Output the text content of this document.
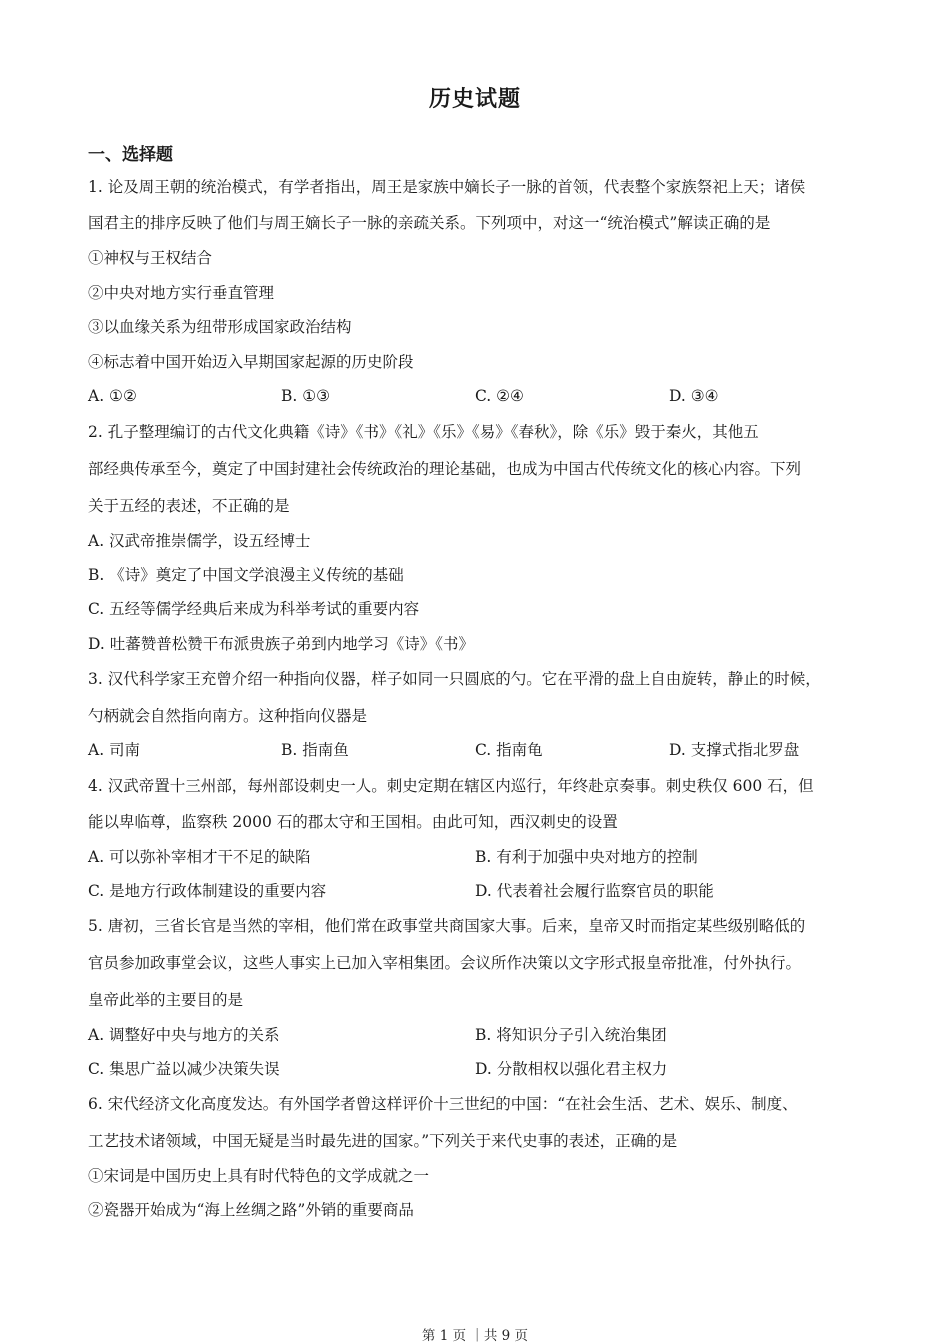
历史试题
一、选择题
1. 论及周王朝的统治模式，有学者指出，周王是家族中嫡长子一脉的首领，代表整个家族祭祀上天；诸侯
国君主的排序反映了他们与周王嫡长子一脉的亲疏关系。下列项中，对这一“统治模式”解读正确的是
①神权与王权结合
②中央对地方实行垂直管理
③以血缘关系为纽带形成国家政治结构
④标志着中国开始迈入早期国家起源的历史阶段
A. ①②	B. ①③	C. ②④	D. ③④
2. 孔子整理编订的古代文化典籍《诗》《书》《礼》《乐》《易》《春秋》，除《乐》毁于秦火，其他五
部经典传承至今，奠定了中国封建社会传统政治的理论基础，也成为中国古代传统文化的核心内容。下列
关于五经的表述，不正确的是
A. 汉武帝推崇儒学，设五经博士
B. 《诗》奠定了中国文学浪漫主义传统的基础
C. 五经等儒学经典后来成为科举考试的重要内容
D. 吐蕃赞普松赞干布派贵族子弟到内地学习《诗》《书》
3. 汉代科学家王充曾介绍一种指向仪器，样子如同一只圆底的勺。它在平滑的盘上自由旋转，静止的时候，
勺柄就会自然指向南方。这种指向仪器是
A. 司南	B. 指南鱼	C. 指南龟	D. 支撑式指北罗盘
4. 汉武帝置十三州部，每州部设刺史一人。刺史定期在辖区内巡行，年终赴京奏事。刺史秩仅 600 石，但
能以卑临尊，监察秩 2000 石的郡太守和王国相。由此可知，西汉刺史的设置
A. 可以弥补宰相才干不足的缺陷	B. 有利于加强中央对地方的控制
C. 是地方行政体制建设的重要内容	D. 代表着社会履行监察官员的职能
5. 唐初，三省长官是当然的宰相，他们常在政事堂共商国家大事。后来，皇帝又时而指定某些级别略低的
官员参加政事堂会议，这些人事实上已加入宰相集团。会议所作决策以文字形式报皇帝批准，付外执行。
皇帝此举的主要目的是
A. 调整好中央与地方的关系	B. 将知识分子引入统治集团
C. 集思广益以减少决策失误	D. 分散相权以强化君主权力
6. 宋代经济文化高度发达。有外国学者曾这样评价十三世纪的中国：“在社会生活、艺术、娱乐、制度、
工艺技术诸领域，中国无疑是当时最先进的国家。”下列关于来代史事的表述，正确的是
①宋词是中国历史上具有时代特色的文学成就之一
②瓷器开始成为“海上丝绸之路”外销的重要商品
第 1 页 ｜共 9 页
